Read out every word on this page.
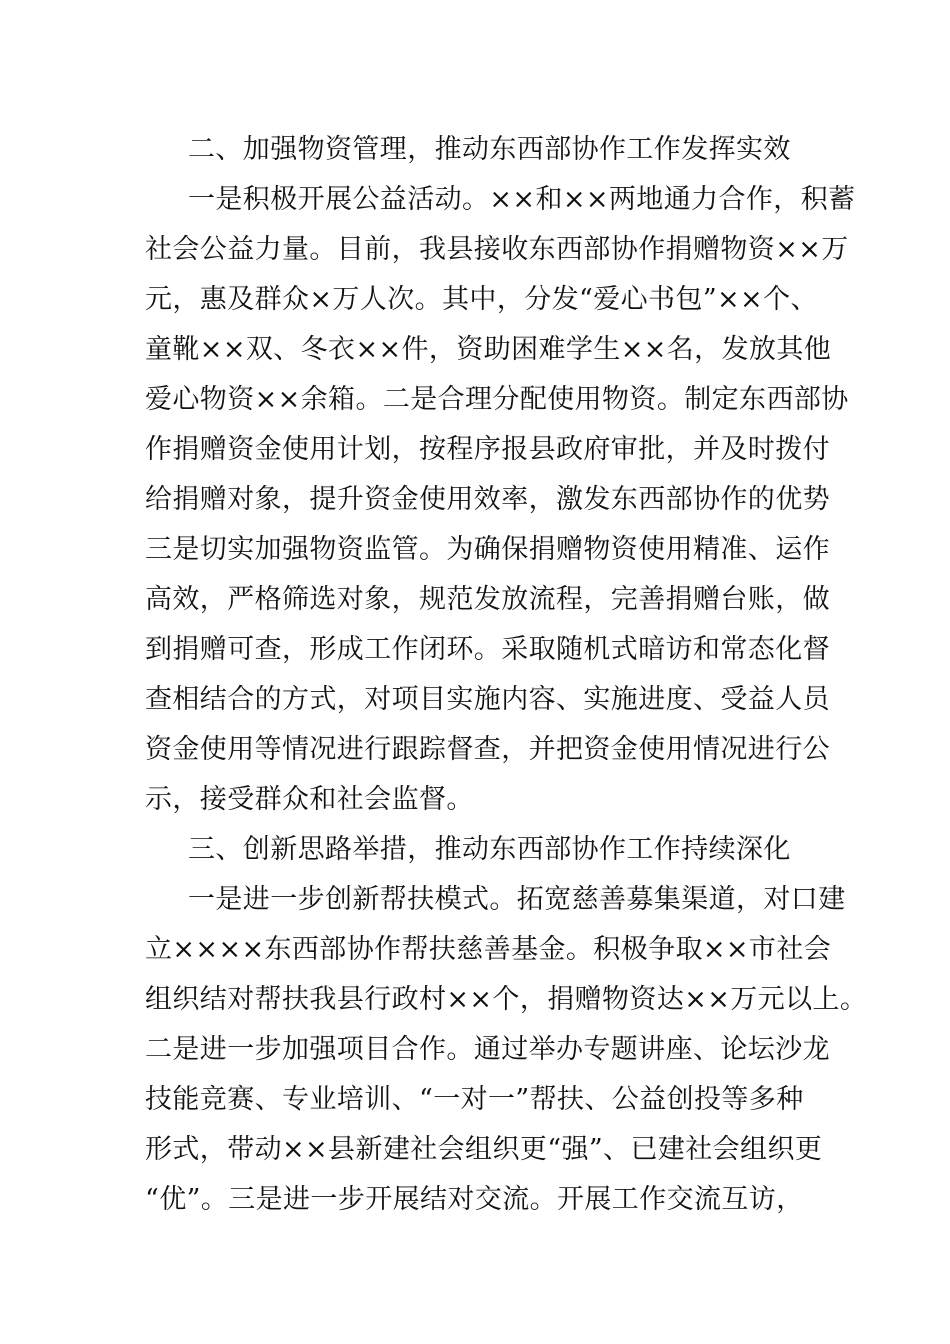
二、加强物资管理，推动东西部协作工作发挥实效
一是积极开展公益活动。××和××两地通力合作，积蓄
社会公益力量。目前，我县接收东西部协作捐赠物资××万
元，惠及群众×万人次。其中，分发“爱心书包”××个、
童靴××双、冬衣××件，资助困难学生××名，发放其他
爱心物资××余箱。二是合理分配使用物资。制定东西部协
作捐赠资金使用计划，按程序报县政府审批，并及时拨付
给捐赠对象，提升资金使用效率，激发东西部协作的优势
三是切实加强物资监管。为确保捐赠物资使用精准、运作
高效，严格筛选对象，规范发放流程，完善捐赠台账，做
到捐赠可查，形成工作闭环。采取随机式暗访和常态化督
查相结合的方式，对项目实施内容、实施进度、受益人员
资金使用等情况进行跟踪督查，并把资金使用情况进行公
示，接受群众和社会监督。
三、创新思路举措，推动东西部协作工作持续深化
一是进一步创新帮扶模式。拓宽慈善募集渠道，对口建
立××××东西部协作帮扶慈善基金。积极争取××市社会
组织结对帮扶我县行政村××个，捐赠物资达××万元以上。
二是进一步加强项目合作。通过举办专题讲座、论坛沙龙
技能竞赛、专业培训、“一对一”帮扶、公益创投等多种
形式，带动××县新建社会组织更“强”、已建社会组织更
“优”。三是进一步开展结对交流。开展工作交流互访，
